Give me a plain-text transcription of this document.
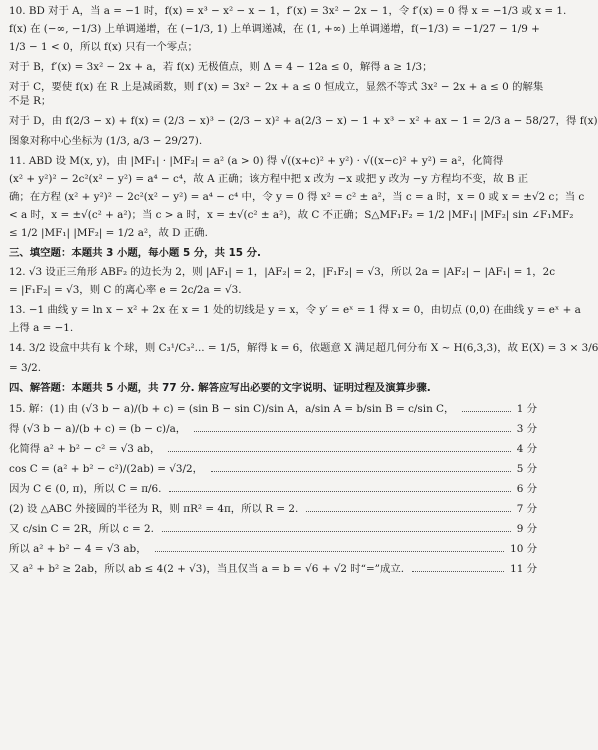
10. BD 对于 A，当 a = −1 时，f(x) = x³ − x² − x − 1，f′(x) = 3x² − 2x − 1，令 f′(x) = 0 得 x = −1/3 或 x = 1.
f(x) 在 (−∞, −1/3) 上单调递增，在 (−1/3, 1) 上单调递减，在 (1, +∞) 上单调递增，f(−1/3) = −1/27 − 1/9 +
1/3 − 1 < 0，所以 f(x) 只有一个零点；
对于 B，f′(x) = 3x² − 2x + a，若 f(x) 无极值点，则 Δ = 4 − 12a ≤ 0，解得 a ≥ 1/3；
对于 C，要使 f(x) 在 R 上是减函数，则 f′(x) = 3x² − 2x + a ≤ 0 恒成立，显然不等式 3x² − 2x + a ≤ 0 的解集
不是 R；
对于 D，由 f(2/3 − x) + f(x) = (2/3 − x)³ − (2/3 − x)² + a(2/3 − x) − 1 + x³ − x² + ax − 1 = 2/3 a − 58/27，得 f(x)
图象对称中心坐标为 (1/3, a/3 − 29/27).
11. ABD 设 M(x, y)，由 |MF₁| · |MF₂| = a² (a > 0) 得 √((x+c)² + y²) · √((x−c)² + y²) = a²，化简得
(x² + y²)² − 2c²(x² − y²) = a⁴ − c⁴，故 A 正确；该方程中把 x 改为 −x 或把 y 改为 −y 方程均不变，故 B 正
确；在方程 (x² + y²)² − 2c²(x² − y²) = a⁴ − c⁴ 中，令 y = 0 得 x² = c² ± a²，当 c = a 时，x = 0 或 x = ±√2 c；当 c
< a 时，x = ±√(c² + a²)；当 c > a 时，x = ±√(c² ± a²)，故 C 不正确；S△MF₁F₂ = 1/2 |MF₁| |MF₂| sin ∠F₁MF₂
≤ 1/2 |MF₁| |MF₂| = 1/2 a²，故 D 正确.
三、填空题：本题共 3 小题，每小题 5 分，共 15 分.
12. √3 设正三角形 ABF₂ 的边长为 2，则 |AF₁| = 1，|AF₂| = 2，|F₁F₂| = √3，所以 2a = |AF₂| − |AF₁| = 1，2c
= |F₁F₂| = √3，则 C 的离心率 e = 2c/2a = √3.
13. −1 曲线 y = ln x − x² + 2x 在 x = 1 处的切线是 y = x，令 y′ = eˣ = 1 得 x = 0，由切点 (0,0) 在曲线 y = eˣ + a
上得 a = −1.
14. 3/2 设盒中共有 k 个球，则 C₃¹/C₃²... = 1/5，解得 k = 6，依题意 X 满足超几何分布 X ~ H(6,3,3)，故 E(X) = 3 × 3/6
= 3/2.
四、解答题：本题共 5 小题，共 77 分. 解答应写出必要的文字说明、证明过程及演算步骤.
15. 解：(1) 由 (√3 b − a)/(b + c) = (sin B − sin C)/sin A，a/sin A = b/sin B = c/sin C，	1 分
得 (√3 b − a)/(b + c) = (b − c)/a，	3 分
化简得 a² + b² − c² = √3 ab，	4 分
cos C = (a² + b² − c²)/(2ab) = √3/2，	5 分
因为 C ∈ (0, π)，所以 C = π/6.	6 分
(2) 设 △ABC 外接圆的半径为 R，则 πR² = 4π，所以 R = 2.	7 分
又 c/sin C = 2R，所以 c = 2.	9 分
所以 a² + b² − 4 = √3 ab，	10 分
又 a² + b² ≥ 2ab，所以 ab ≤ 4(2 + √3)，当且仅当 a = b = √6 + √2 时“=”成立.	11 分
